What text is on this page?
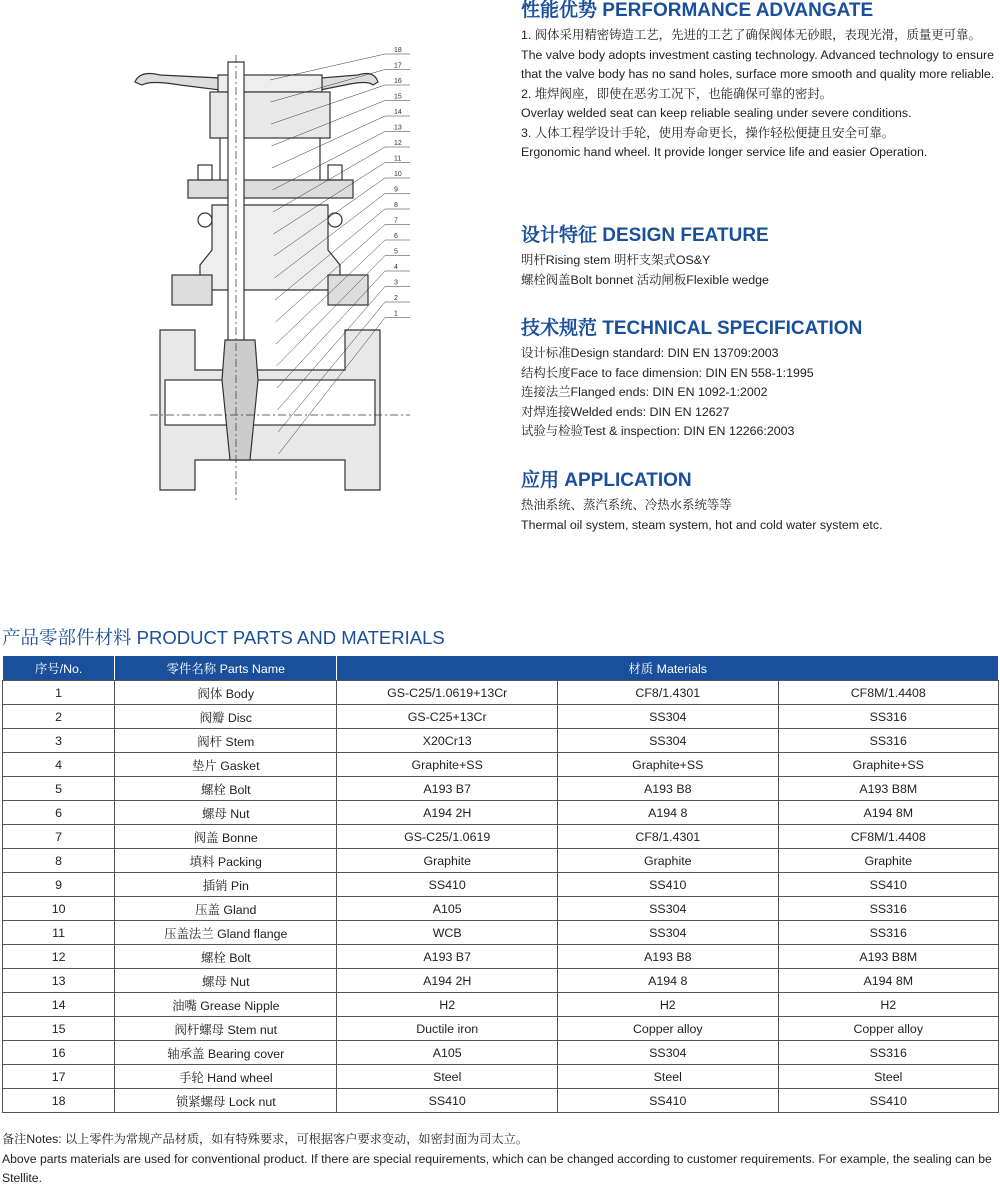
18
17
16
15
14
13
12
11
10
9
8
7
6
5
4
3
2
1
性能优势 PERFORMANCE ADVANGATE

1. 阀体采用精密铸造工艺，先进的工艺了确保阀体无砂眼，表现光滑，质量更可靠。

The valve body adopts investment casting technology. Advanced technology to ensure that the valve body has no sand holes, surface more smooth and quality more reliable.

2. 堆焊阀座，即使在恶劣工况下，也能确保可靠的密封。

Overlay welded seat can keep reliable sealing under severe conditions.

3. 人体工程学设计手轮，使用寿命更长，操作轻松便捷且安全可靠。

Ergonomic hand wheel. It provide longer service life and easier Operation.

设计特征 DESIGN FEATURE

明杆Rising stem 明杆支架式OS&Y

螺栓阀盖Bolt bonnet 活动闸板Flexible wedge

技术规范 TECHNICAL SPECIFICATION

设计标准Design standard: DIN EN 13709:2003

结构长度Face to face dimension: DIN EN 558-1:1995

连接法兰Flanged ends: DIN EN 1092-1:2002

对焊连接Welded ends: DIN EN 12627

试验与检验Test & inspection: DIN EN 12266:2003

应用 APPLICATION

热油系统、蒸汽系统、冷热水系统等等

Thermal oil system, steam system, hot and cold water system etc.

产品零部件材料 PRODUCT PARTS AND MATERIALS
序号/No.	零件名称 Parts Name	材质 Materials		
1	阀体 Body	GS-C25/1.0619+13Cr	CF8/1.4301	CF8M/1.4408
2	阀瓣 Disc	GS-C25+13Cr	SS304	SS316
3	阀杆 Stem	X20Cr13	SS304	SS316
4	垫片 Gasket	Graphite+SS	Graphite+SS	Graphite+SS
5	螺栓 Bolt	A193 B7	A193 B8	A193 B8M
6	螺母 Nut	A194 2H	A194 8	A194 8M
7	阀盖 Bonne	GS-C25/1.0619	CF8/1.4301	CF8M/1.4408
8	填料 Packing	Graphite	Graphite	Graphite
9	插销 Pin	SS410	SS410	SS410
10	压盖 Gland	A105	SS304	SS316
11	压盖法兰 Gland flange	WCB	SS304	SS316
12	螺栓 Bolt	A193 B7	A193 B8	A193 B8M
13	螺母 Nut	A194 2H	A194 8	A194 8M
14	油嘴 Grease Nipple	H2	H2	H2
15	阀杆螺母 Stem nut	Ductile iron	Copper alloy	Copper alloy
16	轴承盖 Bearing cover	A105	SS304	SS316
17	手轮 Hand wheel	Steel	Steel	Steel
18	锁紧螺母 Lock nut	SS410	SS410	SS410
备注Notes: 以上零件为常规产品材质，如有特殊要求，可根据客户要求变动，如密封面为司太立。
Above parts materials are used for conventional product. If there are special requirements, which can be changed according to customer requirements. For example, the sealing can be Stellite.
